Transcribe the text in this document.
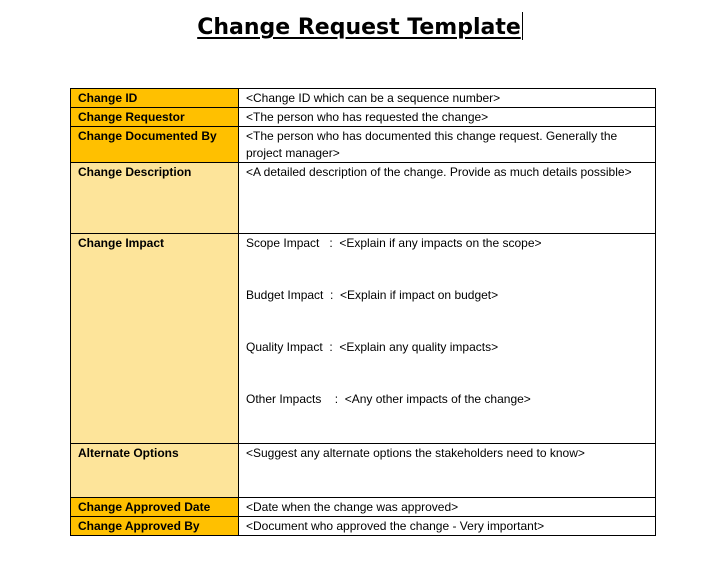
Change Request Template
Change ID	<Change ID which can be a sequence number>
Change Requestor	<The person who has requested the change>
Change Documented By	<The person who has documented this change request. Generally the project manager>
Change Description	<A detailed description of the change. Provide as much details possible>
Change Impact	Scope Impact   :  <Explain if any impacts on the scope>
Budget Impact  :  <Explain if impact on budget>
Quality Impact  :  <Explain any quality impacts>
Other Impacts    :  <Any other impacts of the change>

Alternate Options	<Suggest any alternate options the stakeholders need to know>
Change Approved Date	<Date when the change was approved>
Change Approved By	<Document who approved the change - Very important>
